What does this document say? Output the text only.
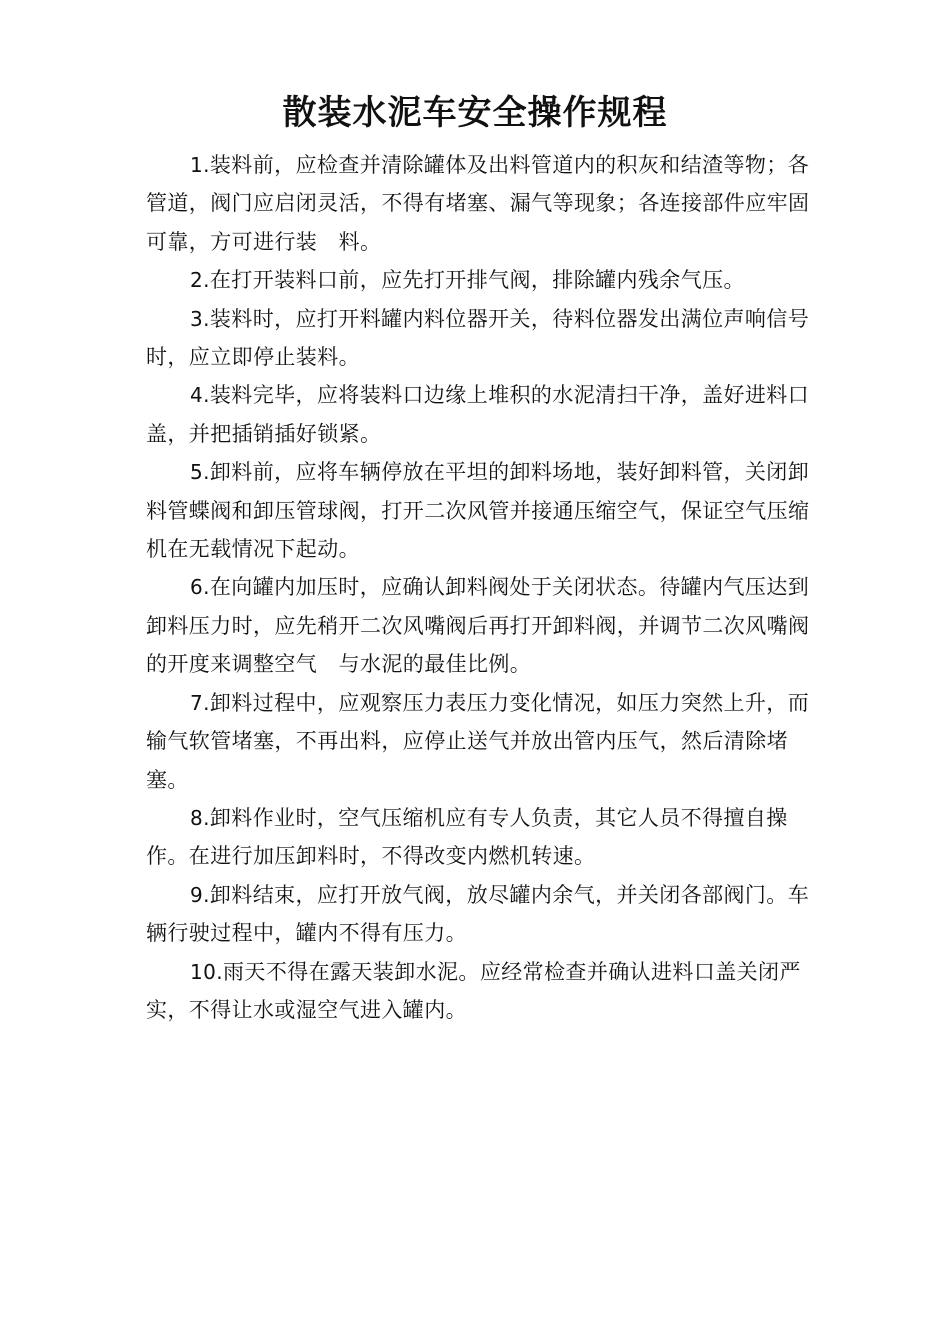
散装水泥车安全操作规程

1.装料前，应检查并清除罐体及出料管道内的积灰和结渣等物；各管道，阀门应启闭灵活，不得有堵塞、漏气等现象；各连接部件应牢固可靠，方可进行装　料。

2.在打开装料口前，应先打开排气阀，排除罐内残余气压。

3.装料时，应打开料罐内料位器开关，待料位器发出满位声响信号时，应立即停止装料。

4.装料完毕，应将装料口边缘上堆积的水泥清扫干净，盖好进料口盖，并把插销插好锁紧。

5.卸料前，应将车辆停放在平坦的卸料场地，装好卸料管，关闭卸料管蝶阀和卸压管球阀，打开二次风管并接通压缩空气，保证空气压缩机在无载情况下起动。

6.在向罐内加压时，应确认卸料阀处于关闭状态。待罐内气压达到卸料压力时，应先稍开二次风嘴阀后再打开卸料阀，并调节二次风嘴阀的开度来调整空气　与水泥的最佳比例。

7.卸料过程中，应观察压力表压力变化情况，如压力突然上升，而输气软管堵塞，不再出料，应停止送气并放出管内压气，然后清除堵塞。

8.卸料作业时，空气压缩机应有专人负责，其它人员不得擅自操作。在进行加压卸料时，不得改变内燃机转速。

9.卸料结束，应打开放气阀，放尽罐内余气，并关闭各部阀门。车辆行驶过程中，罐内不得有压力。

10.雨天不得在露天装卸水泥。应经常检查并确认进料口盖关闭严实，不得让水或湿空气进入罐内。
